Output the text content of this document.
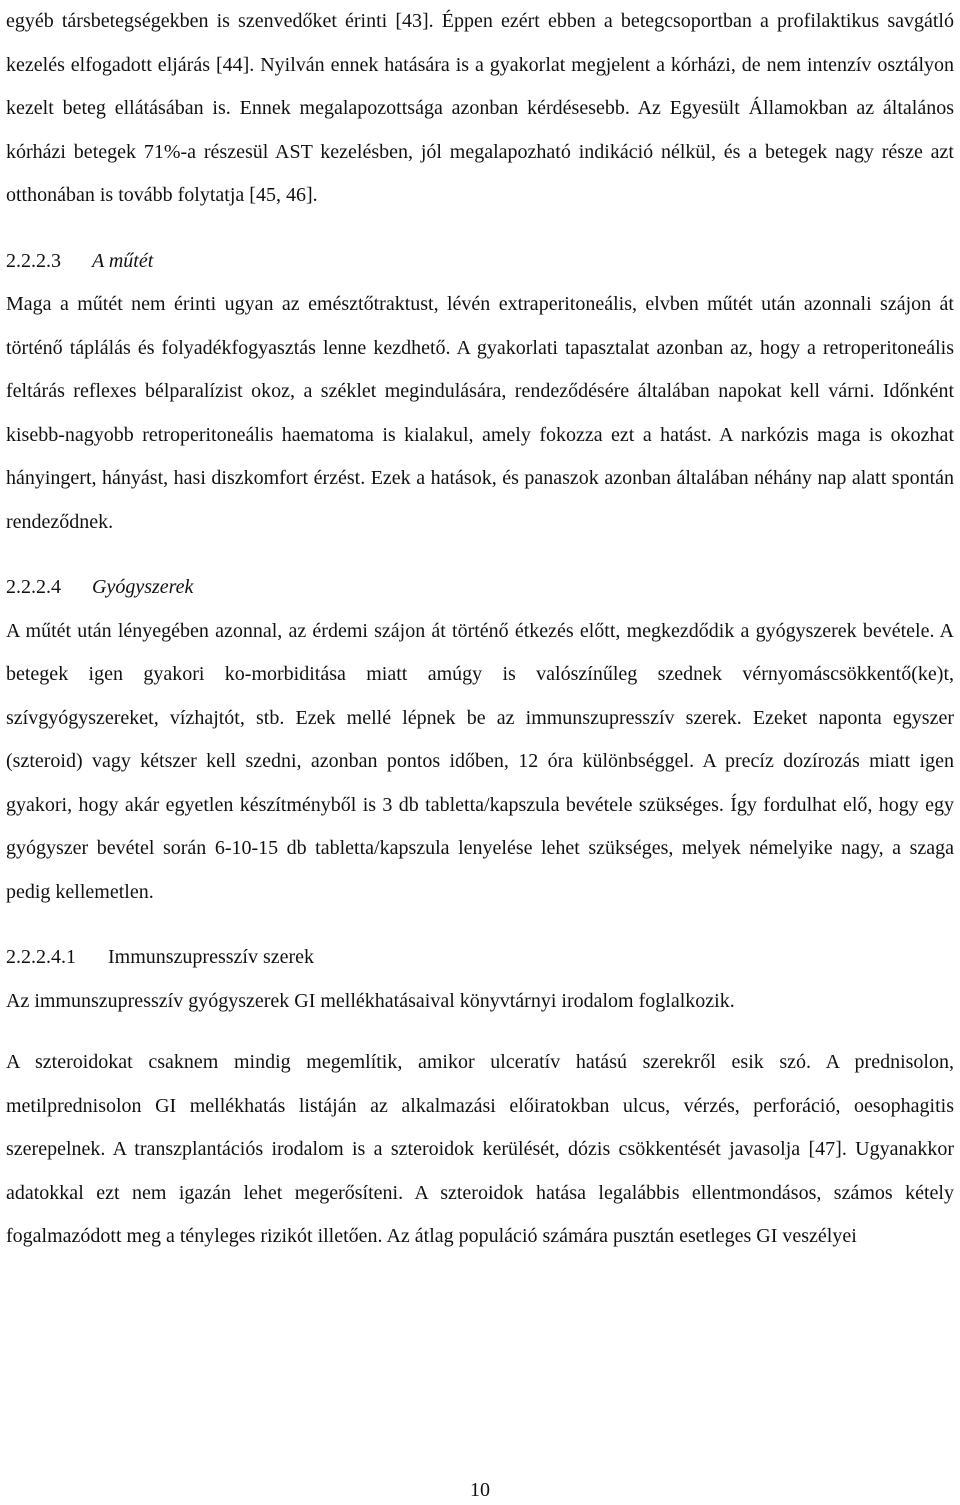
egyéb társbetegségekben is szenvedőket érinti [43]. Éppen ezért ebben a betegcsoportban a profilaktikus savgátló kezelés elfogadott eljárás [44]. Nyilván ennek hatására is a gyakorlat megjelent a kórházi, de nem intenzív osztályon kezelt beteg ellátásában is. Ennek megalapozottsága azonban kérdésesebb. Az Egyesült Államokban az általános kórházi betegek 71%-a részesül AST kezelésben, jól megalapozható indikáció nélkül, és a betegek nagy része azt otthonában is tovább folytatja [45, 46].

2.2.2.3 A műtét

Maga a műtét nem érinti ugyan az emésztőtraktust, lévén extraperitoneális, elvben műtét után azonnali szájon át történő táplálás és folyadékfogyasztás lenne kezdhető. A gyakorlati tapasztalat azonban az, hogy a retroperitoneális feltárás reflexes bélparalízist okoz, a széklet megindulására, rendeződésére általában napokat kell várni. Időnként kisebb-nagyobb retroperitoneális haematoma is kialakul, amely fokozza ezt a hatást. A narkózis maga is okozhat hányingert, hányást, hasi diszkomfort érzést. Ezek a hatások, és panaszok azonban általában néhány nap alatt spontán rendeződnek.

2.2.2.4 Gyógyszerek

A műtét után lényegében azonnal, az érdemi szájon át történő étkezés előtt, megkezdődik a gyógyszerek bevétele. A betegek igen gyakori ko-morbiditása miatt amúgy is valószínűleg szednek vérnyomáscsökkentő(ke)t, szívgyógyszereket, vízhajtót, stb. Ezek mellé lépnek be az immunszupresszív szerek. Ezeket naponta egyszer (szteroid) vagy kétszer kell szedni, azonban pontos időben, 12 óra különbséggel. A precíz dozírozás miatt igen gyakori, hogy akár egyetlen készítményből is 3 db tabletta/kapszula bevétele szükséges. Így fordulhat elő, hogy egy gyógyszer bevétel során 6-10-15 db tabletta/kapszula lenyelése lehet szükséges, melyek némelyike nagy, a szaga pedig kellemetlen.

2.2.2.4.1 Immunszupresszív szerek

Az immunszupresszív gyógyszerek GI mellékhatásaival könyvtárnyi irodalom foglalkozik.

A szteroidokat csaknem mindig megemlítik, amikor ulceratív hatású szerekről esik szó. A prednisolon, metilprednisolon GI mellékhatás listáján az alkalmazási előiratokban ulcus, vérzés, perforáció, oesophagitis szerepelnek. A transzplantációs irodalom is a szteroidok kerülését, dózis csökkentését javasolja [47]. Ugyanakkor adatokkal ezt nem igazán lehet megerősíteni. A szteroidok hatása legalábbis ellentmondásos, számos kétely fogalmazódott meg a tényleges rizikót illetően. Az átlag populáció számára pusztán esetleges GI veszélyei

10
